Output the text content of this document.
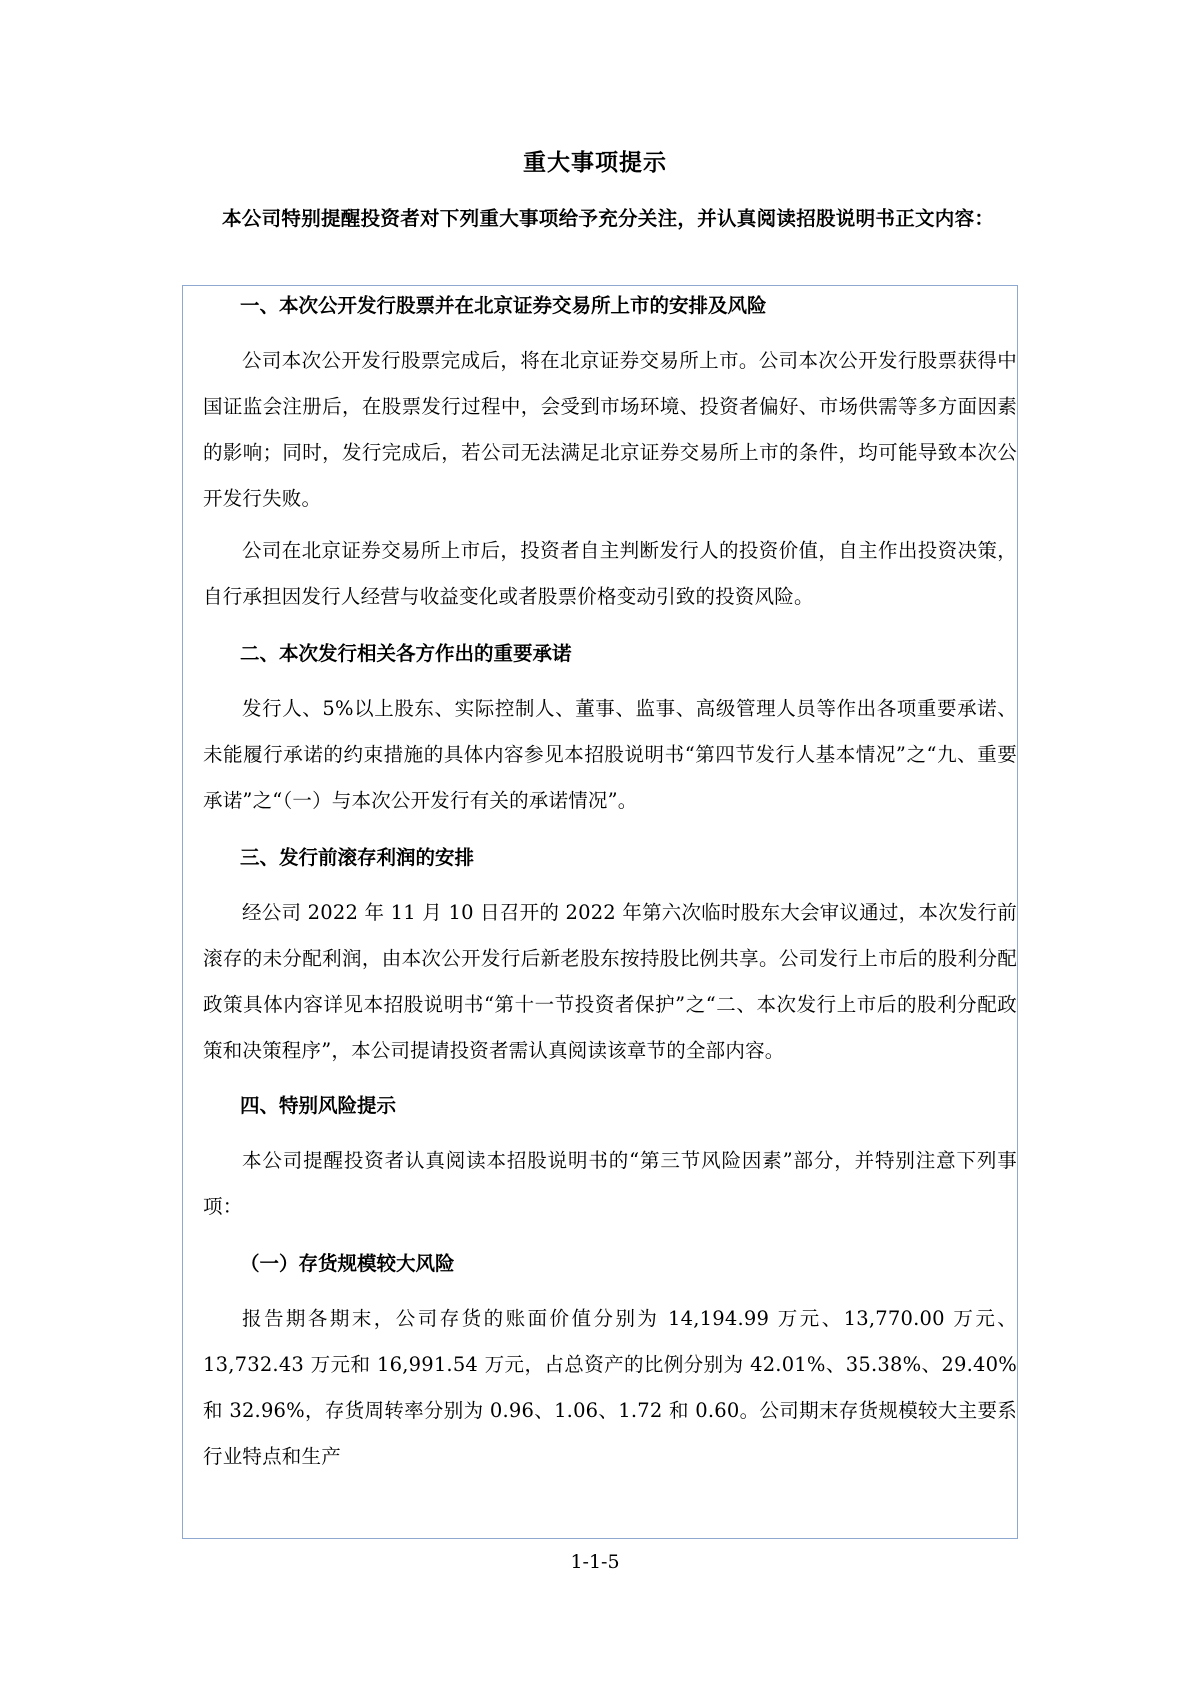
重大事项提示
本公司特别提醒投资者对下列重大事项给予充分关注，并认真阅读招股说明书正文内容：
一、本次公开发行股票并在北京证券交易所上市的安排及风险
公司本次公开发行股票完成后，将在北京证券交易所上市。公司本次公开发行股票获得中国证监会注册后，在股票发行过程中，会受到市场环境、投资者偏好、市场供需等多方面因素的影响；同时，发行完成后，若公司无法满足北京证券交易所上市的条件，均可能导致本次公开发行失败。
公司在北京证券交易所上市后，投资者自主判断发行人的投资价值，自主作出投资决策，自行承担因发行人经营与收益变化或者股票价格变动引致的投资风险。
二、本次发行相关各方作出的重要承诺
发行人、5%以上股东、实际控制人、董事、监事、高级管理人员等作出各项重要承诺、未能履行承诺的约束措施的具体内容参见本招股说明书“第四节发行人基本情况”之“九、重要承诺”之“（一）与本次公开发行有关的承诺情况”。
三、发行前滚存利润的安排
经公司 2022 年 11 月 10 日召开的 2022 年第六次临时股东大会审议通过，本次发行前滚存的未分配利润，由本次公开发行后新老股东按持股比例共享。公司发行上市后的股利分配政策具体内容详见本招股说明书“第十一节投资者保护”之“二、本次发行上市后的股利分配政策和决策程序”，本公司提请投资者需认真阅读该章节的全部内容。
四、特别风险提示
本公司提醒投资者认真阅读本招股说明书的“第三节风险因素”部分，并特别注意下列事项：
（一）存货规模较大风险
报告期各期末，公司存货的账面价值分别为 14,194.99 万元、13,770.00 万元、13,732.43 万元和 16,991.54 万元，占总资产的比例分别为 42.01%、35.38%、29.40%和 32.96%，存货周转率分别为 0.96、1.06、1.72 和 0.60。公司期末存货规模较大主要系行业特点和生产
1-1-5
